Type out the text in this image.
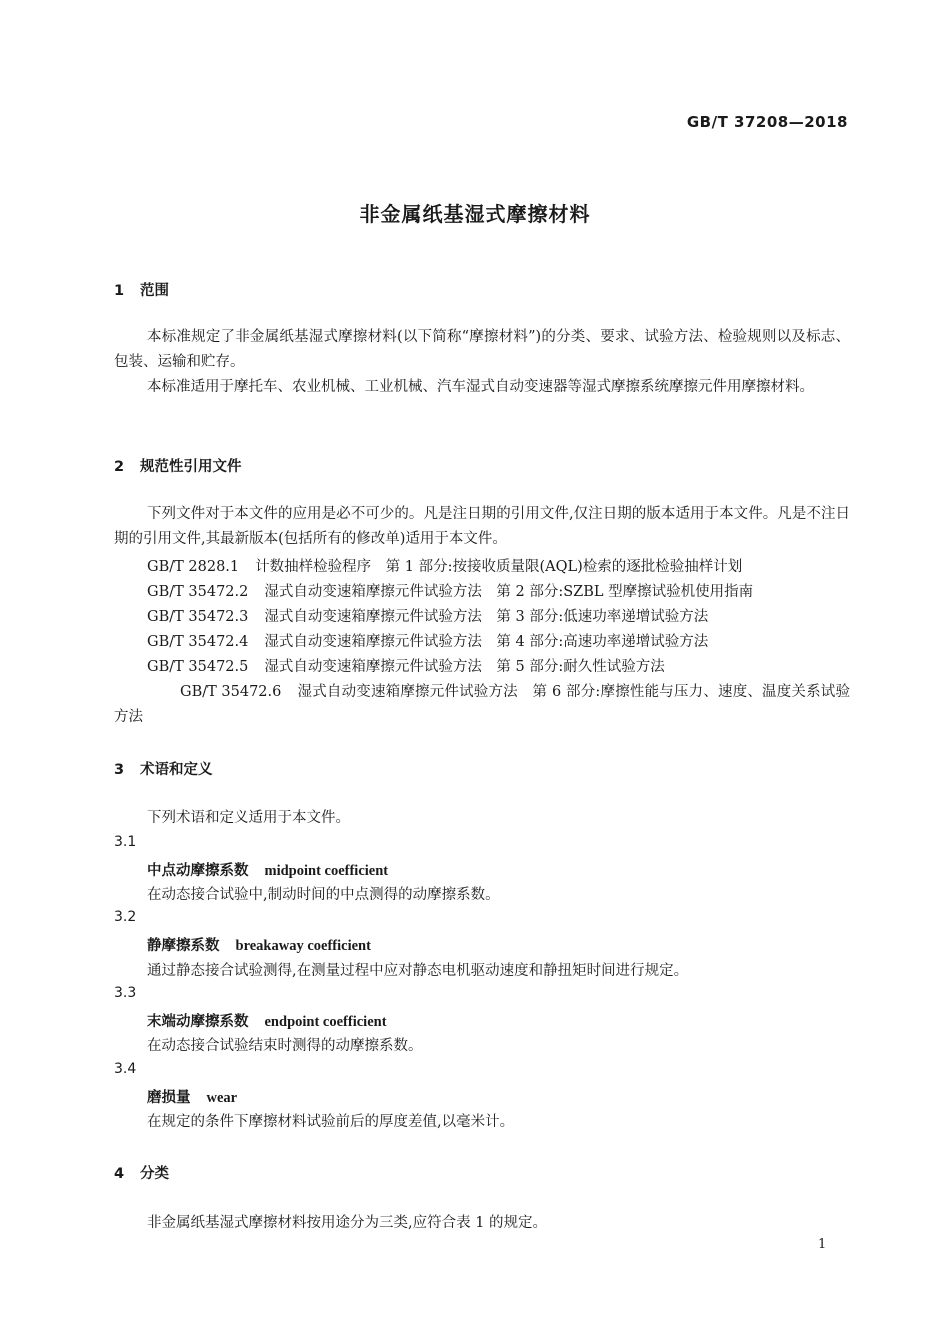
GB/T 37208—2018
非金属纸基湿式摩擦材料
1 范围
本标准规定了非金属纸基湿式摩擦材料(以下简称“摩擦材料”)的分类、要求、试验方法、检验规则以及标志、包装、运输和贮存。
本标准适用于摩托车、农业机械、工业机械、汽车湿式自动变速器等湿式摩擦系统摩擦元件用摩擦材料。
2 规范性引用文件
下列文件对于本文件的应用是必不可少的。凡是注日期的引用文件,仅注日期的版本适用于本文件。凡是不注日期的引用文件,其最新版本(包括所有的修改单)适用于本文件。
GB/T 2828.1 计数抽样检验程序　第 1 部分:按接收质量限(AQL)检索的逐批检验抽样计划
GB/T 35472.2 湿式自动变速箱摩擦元件试验方法　第 2 部分:SZBL 型摩擦试验机使用指南
GB/T 35472.3 湿式自动变速箱摩擦元件试验方法　第 3 部分:低速功率递增试验方法
GB/T 35472.4 湿式自动变速箱摩擦元件试验方法　第 4 部分:高速功率递增试验方法
GB/T 35472.5 湿式自动变速箱摩擦元件试验方法　第 5 部分:耐久性试验方法
GB/T 35472.6 湿式自动变速箱摩擦元件试验方法　第 6 部分:摩擦性能与压力、速度、温度关系试验方法
3 术语和定义
下列术语和定义适用于本文件。
3.1
中点动摩擦系数 midpoint coefficient
在动态接合试验中,制动时间的中点测得的动摩擦系数。
3.2
静摩擦系数 breakaway coefficient
通过静态接合试验测得,在测量过程中应对静态电机驱动速度和静扭矩时间进行规定。
3.3
末端动摩擦系数 endpoint coefficient
在动态接合试验结束时测得的动摩擦系数。
3.4
磨损量 wear
在规定的条件下摩擦材料试验前后的厚度差值,以毫米计。
4 分类
非金属纸基湿式摩擦材料按用途分为三类,应符合表 1 的规定。
1
